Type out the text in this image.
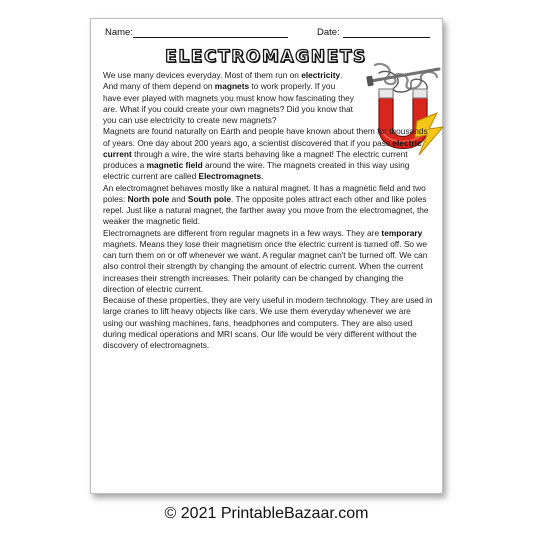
Name:	Date:
ELECTROMAGNETS

We use many devices everyday. Most of them run on electricity. And many of them depend on magnets to work properly. If you have ever played with magnets you must know how fascinating they are. What if you could create your own magnets? Did you know that you can use electricity to create new magnets?

Magnets are found naturally on Earth and people have known about them for thousands of years. One day about 200 years ago, a scientist discovered that if you pass electric current through a wire, the wire starts behaving like a magnet! The electric current produces a magnetic field around the wire. The magnets created in this way using electric current are called Electromagnets.

An electromagnet behaves mostly like a natural magnet. It has a magnetic field and two poles: North pole and South pole. The opposite poles attract each other and like poles repel. Just like a natural magnet, the farther away you move from the electromagnet, the weaker the magnetic field.

Electromagnets are different from regular magnets in a few ways. They are temporary magnets. Means they lose their magnetism once the electric current is turned off. So we can turn them on or off whenever we want. A regular magnet can't be turned off. We can also control their strength by changing the amount of electric current. When the current increases their strength increases. Their polarity can be changed by changing the direction of electric current.

Because of these properties, they are very useful in modern technology. They are used in large cranes to lift heavy objects like cars. We use them everyday whenever we are using our washing machines, fans, headphones and computers. They are also used during medical operations and MRI scans. Our life would be very different without the discovery of electromagnets.

© 2021 PrintableBazaar.com
